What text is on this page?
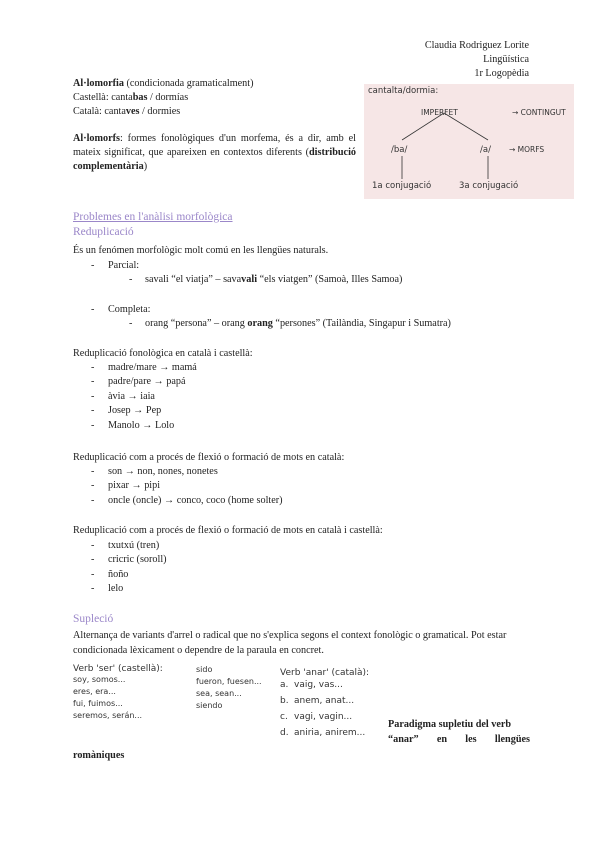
Claudia Rodriguez Lorite
Lingüística
1r Logopèdia
Al·lomorfia (condicionada gramaticalment)
Castellà: cantabas / dormías
Català: cantaves / dormies
Al·lomorfs: formes fonològiques d'un morfema, és a dir, amb el mateix significat, que apareixen en contextos diferents (distribució complementària)
cantalta/dormia:
IMPERFET	→ CONTINGUT
/ba/	/a/ → MORFS
1a conjugació	3a conjugació
Problemes en l'anàlisi morfològica
Reduplicació
És un fenómen morfològic molt comú en les llengües naturals.
- Parcial:
- savali “el viatja” – savavali “els viatgen” (Samoà, Illes Samoa)
- Completa:
- orang “persona” – orang orang “persones” (Tailàndia, Singapur i Sumatra)
Reduplicació fonològica en català i castellà:
- madre/mare → mamá
- padre/pare → papá
- àvia → iaia
- Josep → Pep
- Manolo → Lolo
Reduplicació com a procés de flexió o formació de mots en català:
- son → non, nones, nonetes
- pixar → pipi
- oncle (oncle) → conco, coco (home solter)
Reduplicació com a procés de flexió o formació de mots en català i castellà:
- txutxú (tren)
- cricric (soroll)
- ñoño
- lelo
Supleció
Alternança de variants d'arrel o radical que no s'explica segons el context fonològic o gramatical. Pot estar condicionada lèxicament o dependre de la paraula en concret.
Verb 'ser' (castellà):
soy, somos...
eres, era...
fui, fuimos...
seremos, serán...
sido
fueron, fuesen...
sea, sean...
siendo
Verb 'anar' (català):
a. vaig, vas...
b. anem, anat...
c. vagi, vagin...
d. aniria, anirem...
Paradigma supletiu del verb
“anar” en les llengües
romàniques
